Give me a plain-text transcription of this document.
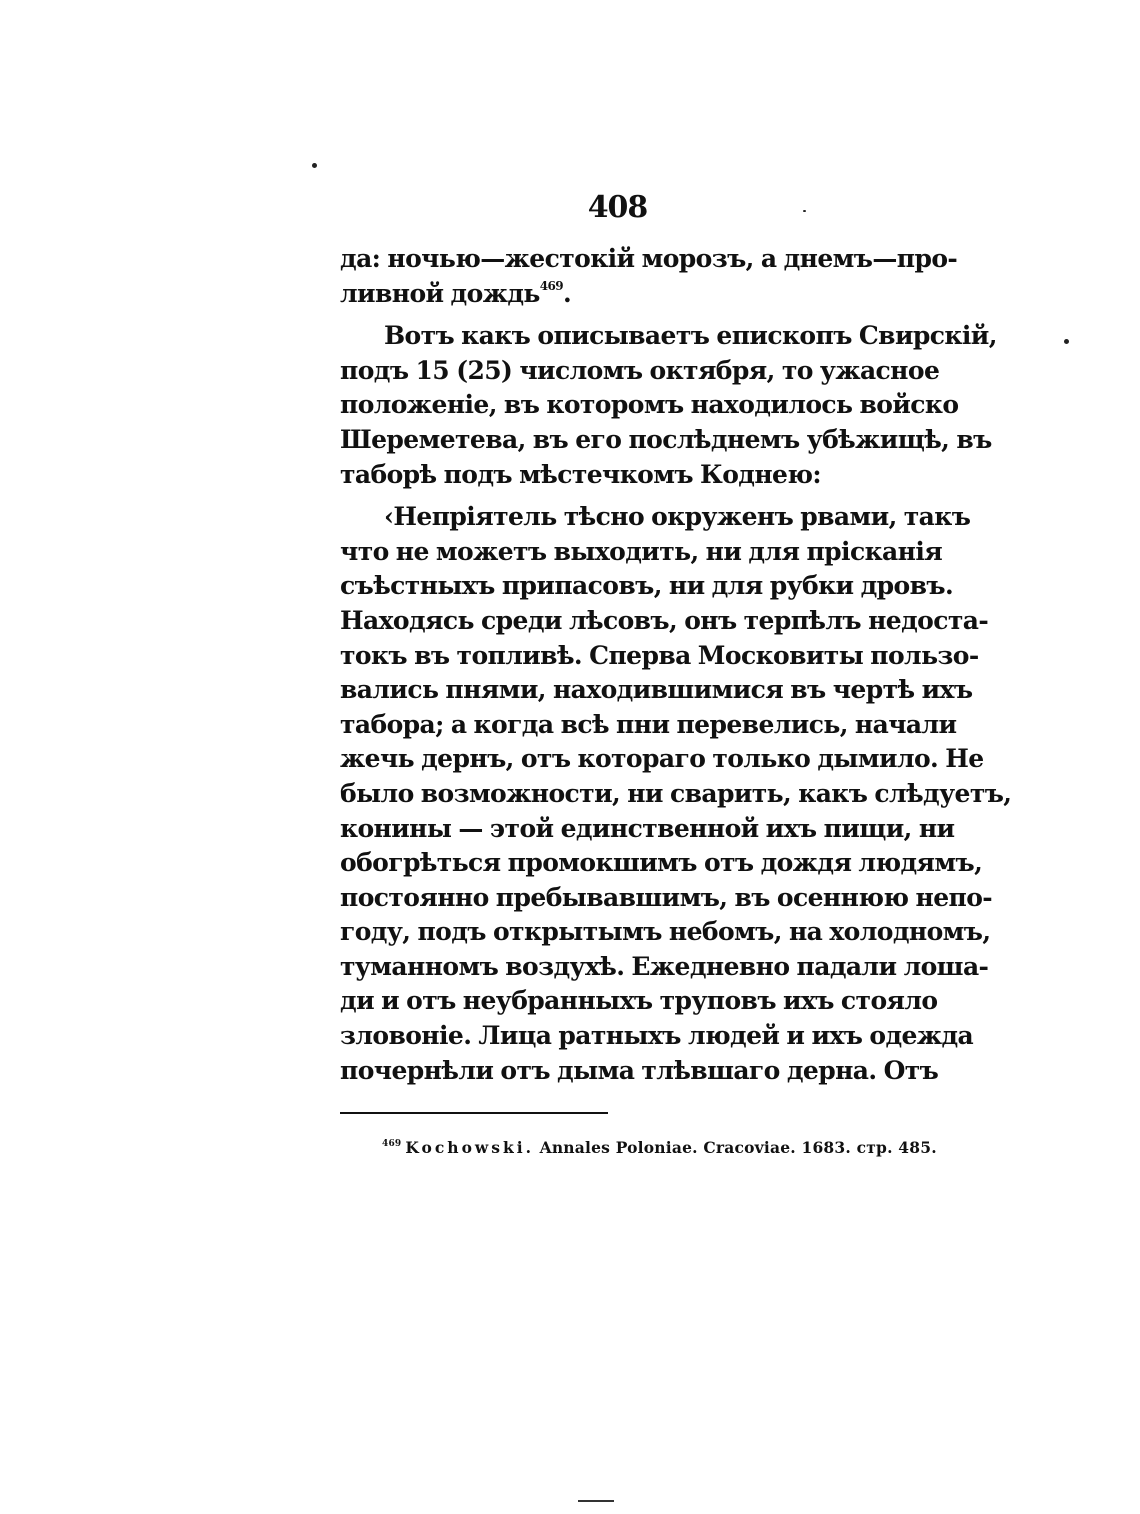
408
да: ночью—жестокій морозъ, а днемъ—про-
ливной дождь$^{469}$.
Вотъ какъ описываетъ епископъ Свирскій,
подъ 15 (25) числомъ октября, то ужасное
положеніе, въ которомъ находилось войско
Шереметева, въ его послѣднемъ убѣжищѣ, въ
таборѣ подъ мѣстечкомъ Коднею:
‹Непріятель тѣсно окруженъ рвами, такъ
что не можетъ выходить, ни для прісканія
съѣстныхъ припасовъ, ни для рубки дровъ.
Находясь среди лѣсовъ, онъ терпѣлъ недоста-
токъ въ топливѣ. Сперва Московиты пользо-
вались пнями, находившимися въ чертѣ ихъ
табора; а когда всѣ пни перевелись, начали
жечь дернъ, отъ котораго только дымило. Не
было возможности, ни сварить, какъ слѣдуетъ,
конины — этой единственной ихъ пищи, ни
обогрѣться промокшимъ отъ дождя людямъ,
постоянно пребывавшимъ, въ осеннюю непо-
году, подъ открытымъ небомъ, на холодномъ,
туманномъ воздухѣ. Ежедневно падали лоша-
ди и отъ неубранныхъ труповъ ихъ стояло
зловоніе. Лица ратныхъ людей и ихъ одежда
почернѣли отъ дыма тлѣвшаго дерна. Отъ
$^{469}$ Kochowski. Annales Poloniae. Cracoviae. 1683. стр. 485.
